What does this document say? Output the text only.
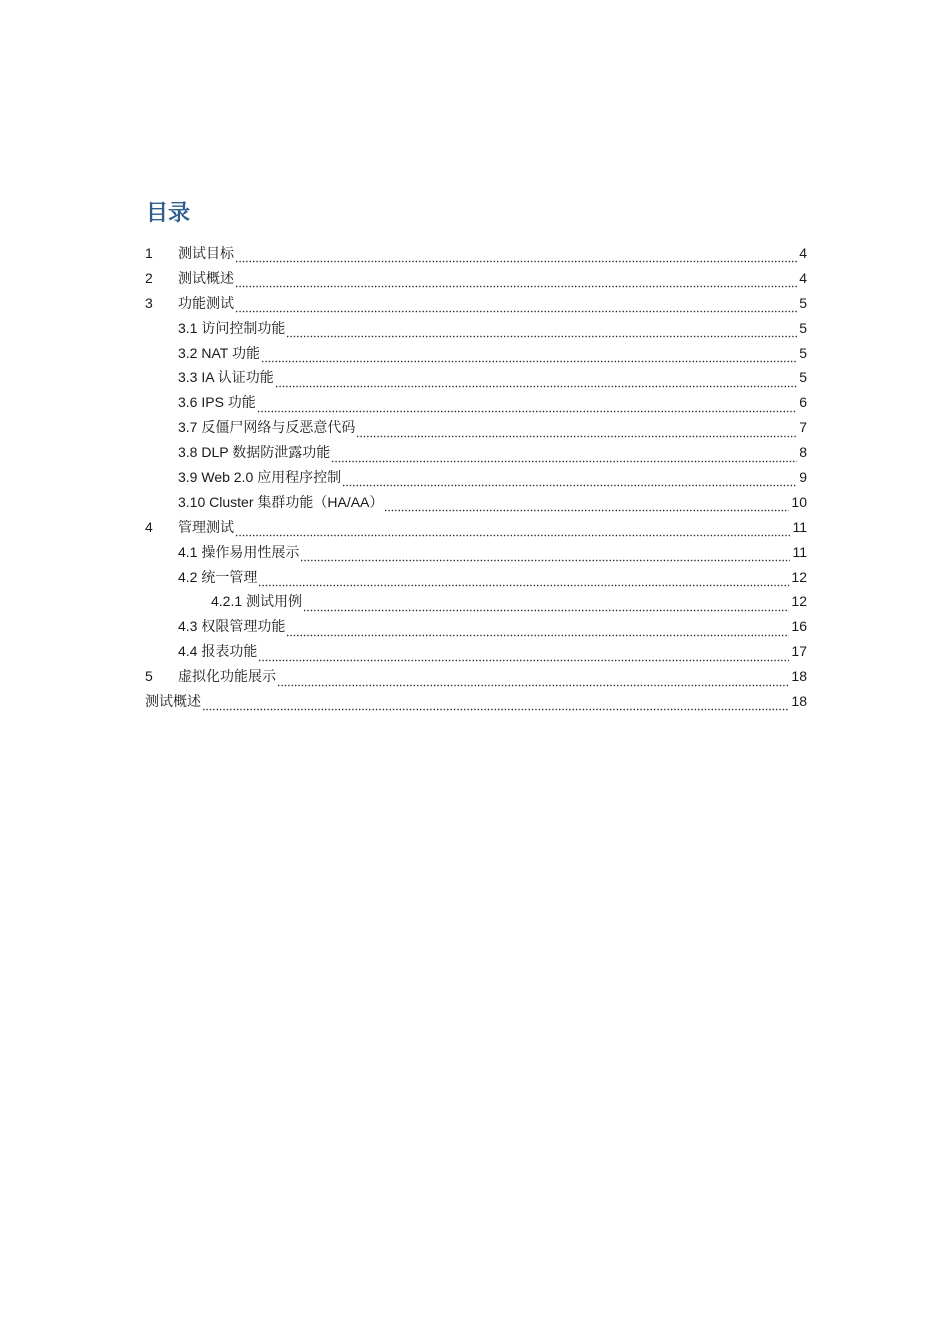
目录
1	测试目标	4
2	测试概述	4
3	功能测试	5
3.1 访问控制功能	5
3.2 NAT 功能	5
3.3 IA 认证功能	5
3.6 IPS 功能	6
3.7 反僵尸网络与反恶意代码	7
3.8 DLP 数据防泄露功能	8
3.9 Web 2.0 应用程序控制	9
3.10 Cluster 集群功能（HA/AA）	10
4	管理测试	11
4.1 操作易用性展示	11
4.2 统一管理	12
4.2.1 测试用例	12
4.3 权限管理功能	16
4.4 报表功能	17
5	虚拟化功能展示	18
测试概述	18
